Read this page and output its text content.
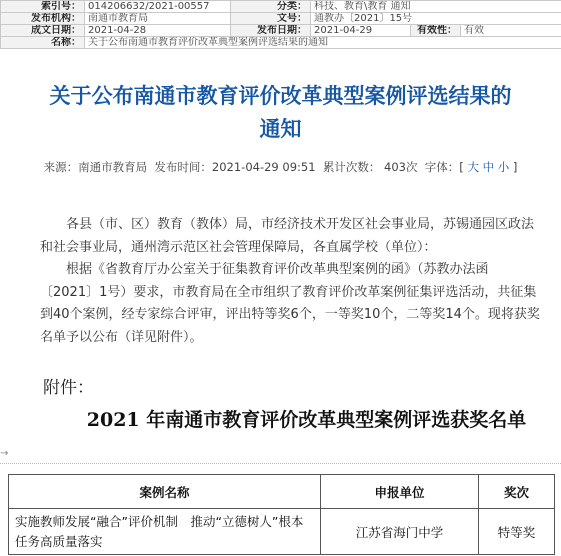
索引号：	014206632/2021-00557	分类：	科技、教育\教育 通知		
发布机构：	南通市教育局	文号：	通教办〔2021〕15号		
成文日期：	2021-04-28	发布日期：	2021-04-29	有效性：	有效
名称：	关于公布南通市教育评价改革典型案例评选结果的通知				
关于公布南通市教育评价改革典型案例评选结果的
通知
来源：南通市教育局 发布时间：2021-04-29 09:51 累计次数： 403次 字体：[ 大 中 小 ]

各县（市、区）教育（教体）局，市经济技术开发区社会事业局，苏锡通园区政法和社会事业局，通州湾示范区社会管理保障局，各直属学校（单位）：

根据《省教育厅办公室关于征集教育评价改革典型案例的函》（苏教办法函〔2021〕1号）要求，市教育局在全市组织了教育评价改革案例征集评选活动，共征集到40个案例，经专家综合评审，评出特等奖6个，一等奖10个，二等奖14个。现将获奖名单予以公布（详见附件）。

附件：
2021 年南通市教育评价改革典型案例评选获奖名单
→
案例名称	申报单位	奖次
实施教师发展“融合”评价机制　推动“立德树人”根本任务高质量落实	江苏省海门中学	特等奖
